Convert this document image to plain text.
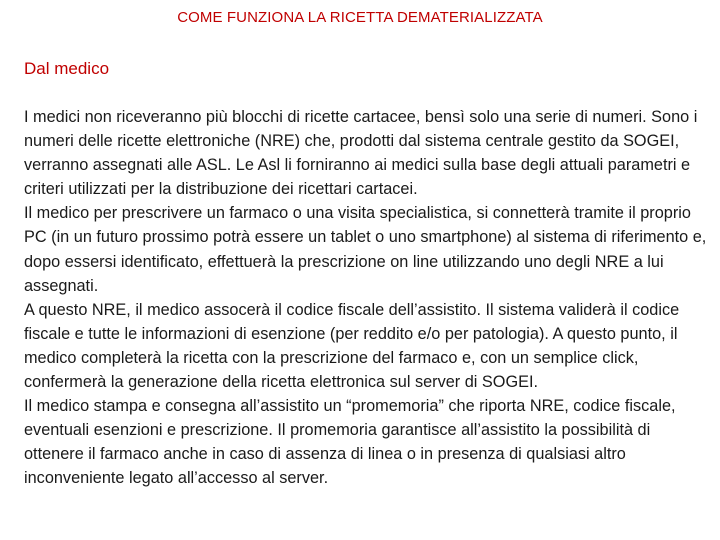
COME FUNZIONA LA RICETTA DEMATERIALIZZATA
Dal medico

I medici non riceveranno più blocchi di ricette cartacee, bensì solo una serie di numeri. Sono i numeri delle ricette elettroniche (NRE) che, prodotti dal sistema centrale gestito da SOGEI, verranno assegnati alle ASL. Le Asl li forniranno ai medici sulla base degli attuali parametri e criteri utilizzati per la distribuzione dei ricettari cartacei.

Il medico per prescrivere un farmaco o una visita specialistica, si connetterà tramite il proprio PC (in un futuro prossimo potrà essere un tablet o uno smartphone) al sistema di riferimento e, dopo essersi identificato, effettuerà la prescrizione on line utilizzando uno degli NRE a lui assegnati.

A questo NRE, il medico assocerà il codice fiscale dell’assistito. Il sistema validerà il codice fiscale e tutte le informazioni di esenzione (per reddito e/o per patologia). A questo punto, il medico completerà la ricetta con la prescrizione del farmaco e, con un semplice click, confermerà la generazione della ricetta elettronica sul server di SOGEI.

Il medico stampa e consegna all’assistito un “promemoria” che riporta NRE, codice fiscale, eventuali esenzioni e prescrizione. Il promemoria garantisce all’assistito la possibilità di ottenere il farmaco anche in caso di assenza di linea o in presenza di qualsiasi altro inconveniente legato all’accesso al server.
